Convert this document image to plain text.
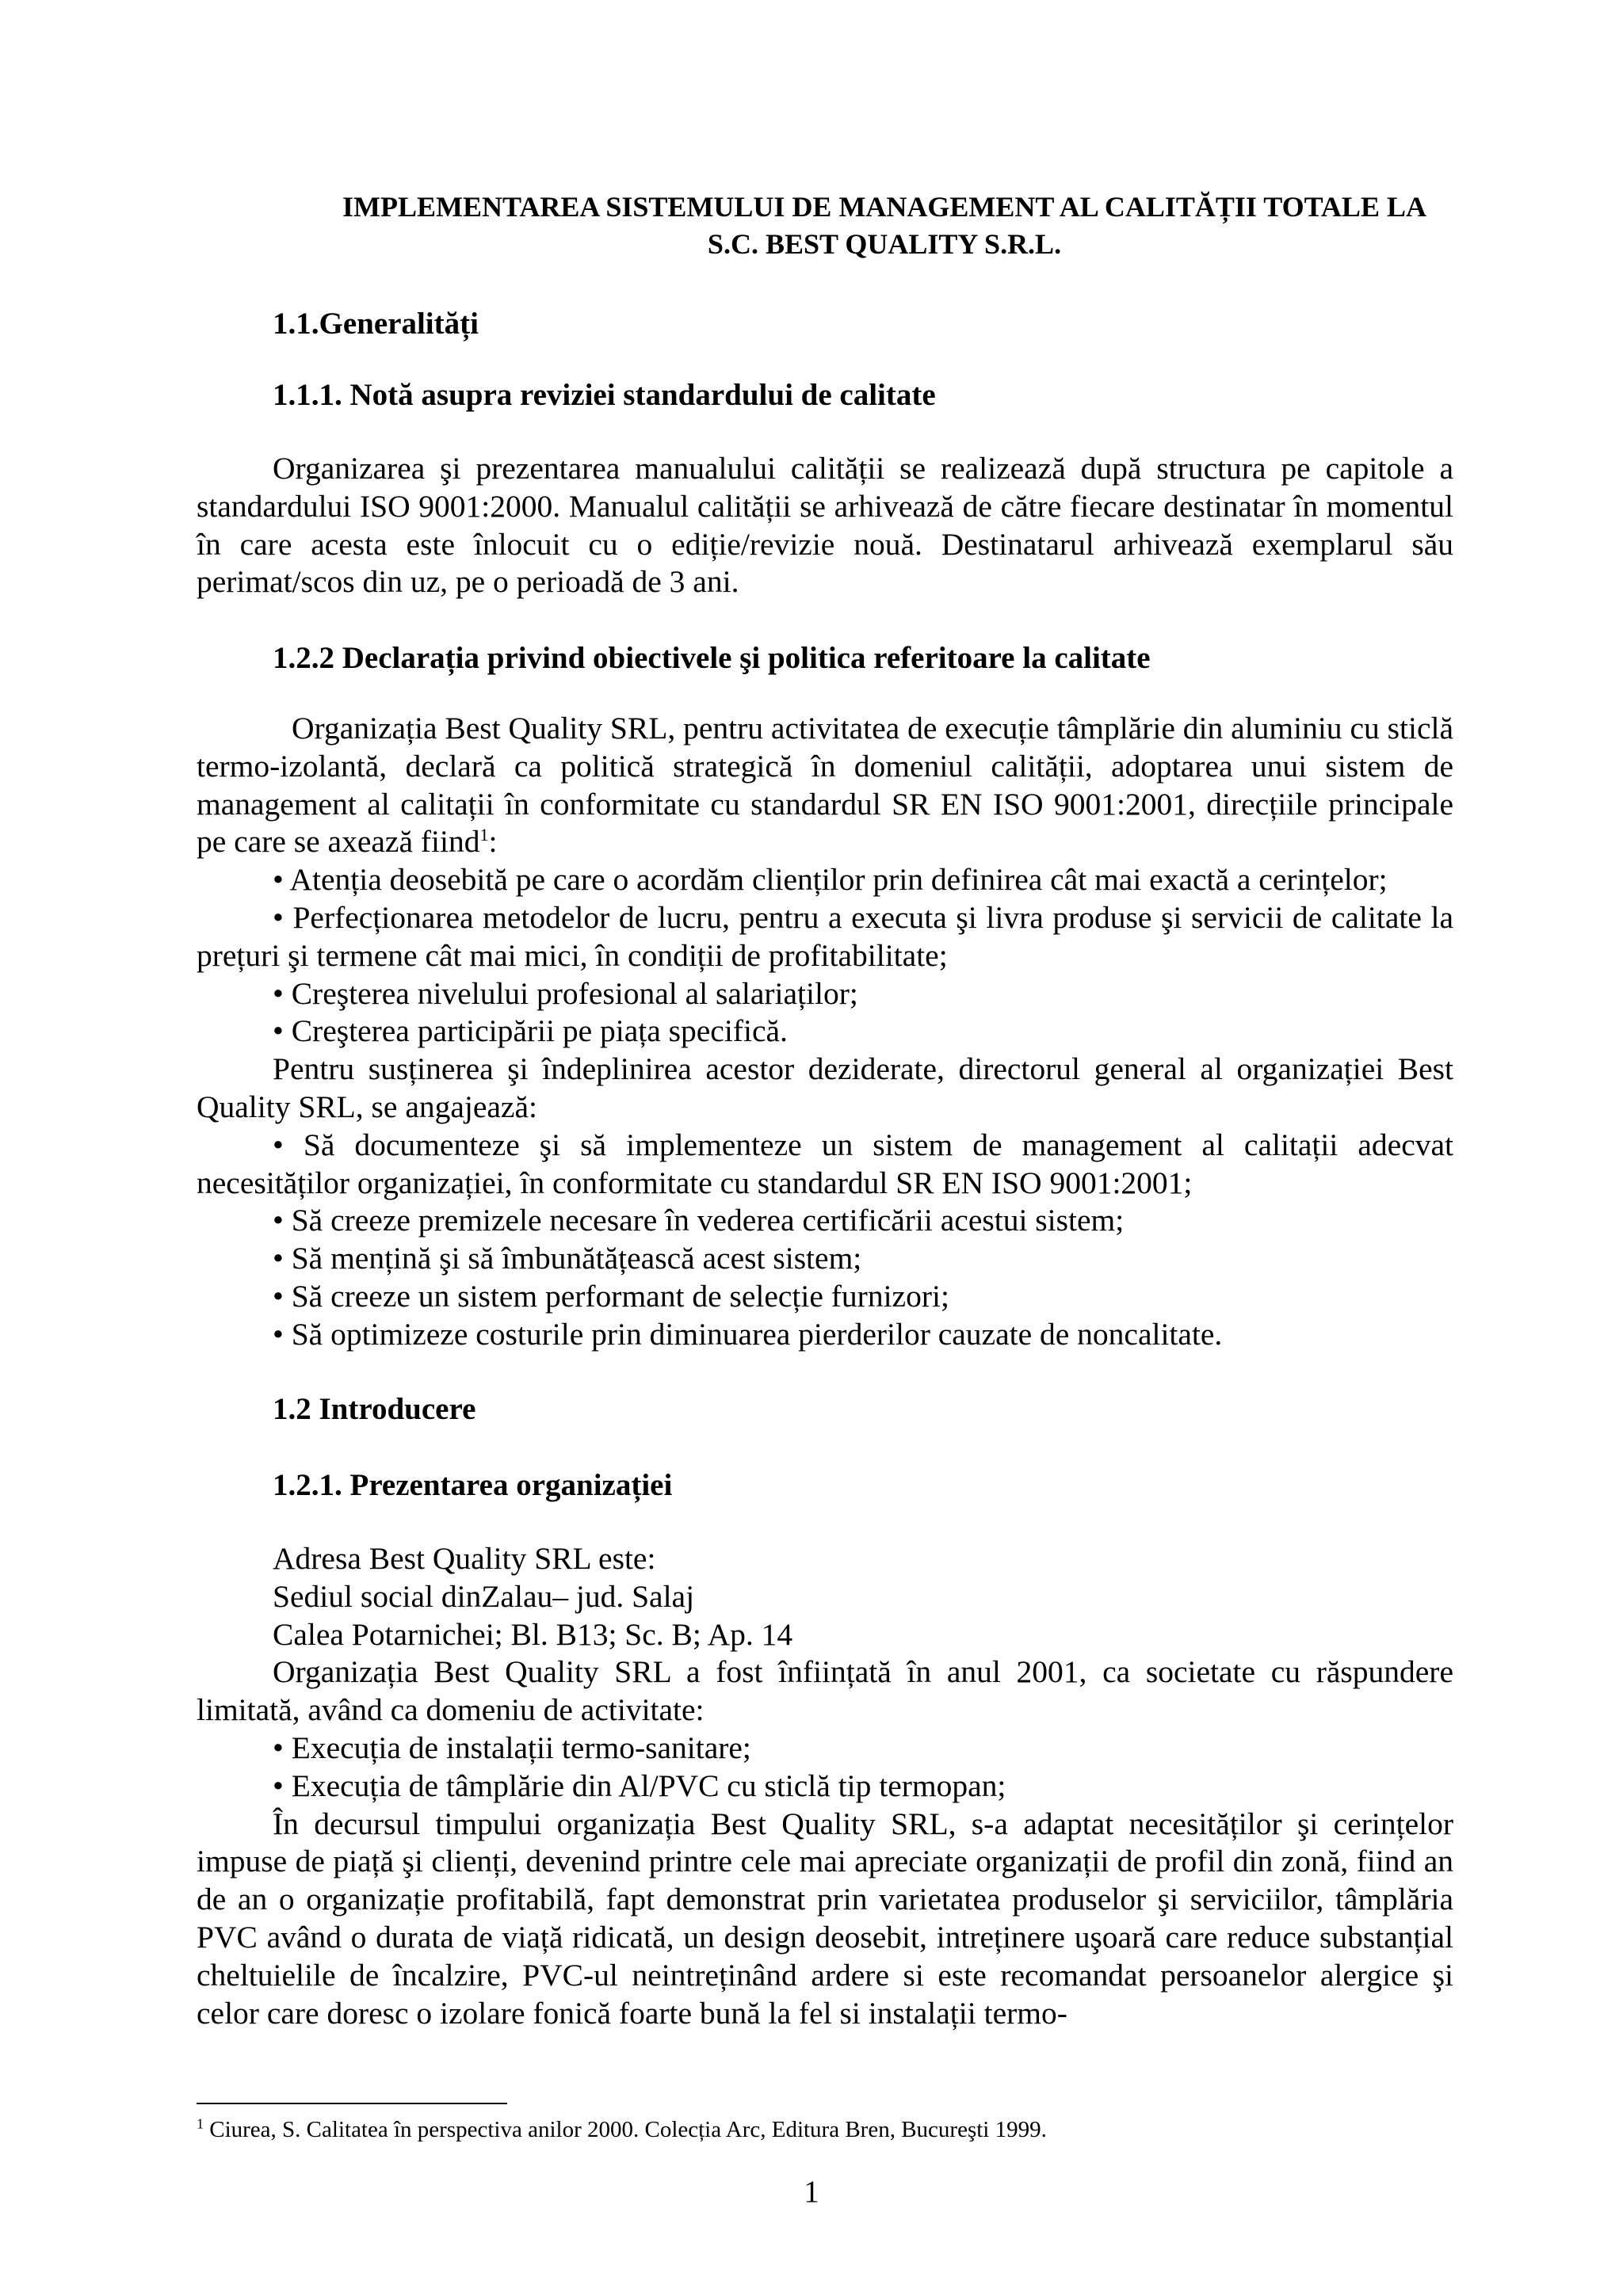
IMPLEMENTAREA SISTEMULUI DE MANAGEMENT AL CALITĂȚII TOTALE LA
S.C. BEST QUALITY S.R.L.
1.1.Generalități
1.1.1. Notă asupra reviziei standardului de calitate

Organizarea şi prezentarea manualului calității se realizează după structura pe capitole a standardului ISO 9001:2000. Manualul calității se arhivează de către fiecare destinatar în momentul în care acesta este înlocuit cu o ediție/revizie nouă. Destinatarul arhivează exemplarul său perimat/scos din uz, pe o perioadă de 3 ani.

1.2.2 Declarația privind obiectivele şi politica referitoare la calitate

Organizația Best Quality SRL, pentru activitatea de execuție tâmplărie din aluminiu cu sticlă termo-izolantă, declară ca politică strategică în domeniul calității, adoptarea unui sistem de management al calitații în conformitate cu standardul SR EN ISO 9001:2001, direcțiile principale pe care se axează fiind$^1$:

• Atenția deosebită pe care o acordăm clienților prin definirea cât mai exactă a cerințelor;

• Perfecționarea metodelor de lucru, pentru a executa şi livra produse şi servicii de calitate la prețuri şi termene cât mai mici, în condiții de profitabilitate;

• Creşterea nivelului profesional al salariaților;

• Creşterea participării pe piața specifică.

Pentru susținerea şi îndeplinirea acestor deziderate, directorul general al organizației Best Quality SRL, se angajează:

• Să documenteze şi să implementeze un sistem de management al calitații adecvat necesităților organizației, în conformitate cu standardul SR EN ISO 9001:2001;

• Să creeze premizele necesare în vederea certificării acestui sistem;

• Să mențină şi să îmbunătățească acest sistem;

• Să creeze un sistem performant de selecție furnizori;

• Să optimizeze costurile prin diminuarea pierderilor cauzate de noncalitate.

1.2 Introducere
1.2.1. Prezentarea organizației
Adresa Best Quality SRL este:
Sediul social dinZalau– jud. Salaj
Calea Potarnichei; Bl. B13; Sc. B; Ap. 14

Organizația Best Quality SRL a fost înființată în anul 2001, ca societate cu răspundere limitată, având ca domeniu de activitate:

• Execuția de instalații termo-sanitare;

• Execuția de tâmplărie din Al/PVC cu sticlă tip termopan;

În decursul timpului organizația Best Quality SRL, s-a adaptat necesităților şi cerințelor impuse de piață şi clienți, devenind printre cele mai apreciate organizații de profil din zonă, fiind an de an o organizație profitabilă, fapt demonstrat prin varietatea produselor şi serviciilor, tâmplăria PVC având o durata de viață ridicată, un design deosebit, intreținere uşoară care reduce substanțial cheltuielile de încalzire, PVC-ul neintreținând ardere si este recomandat persoanelor alergice şi celor care doresc o izolare fonică foarte bună la fel si instalații termo-

$^1$ Ciurea, S. Calitatea în perspectiva anilor 2000. Colecția Arc, Editura Bren, Bucureşti 1999.
1
